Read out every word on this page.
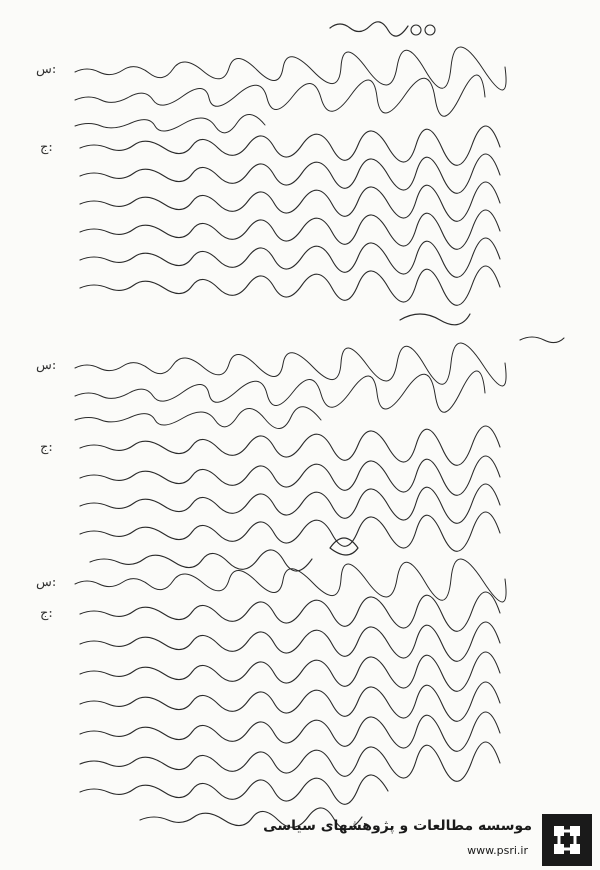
س:
ج:
س:
ج:
س:
ج:
موسسه مطالعات و پژوهشهای سیاسی
www.psri.ir
